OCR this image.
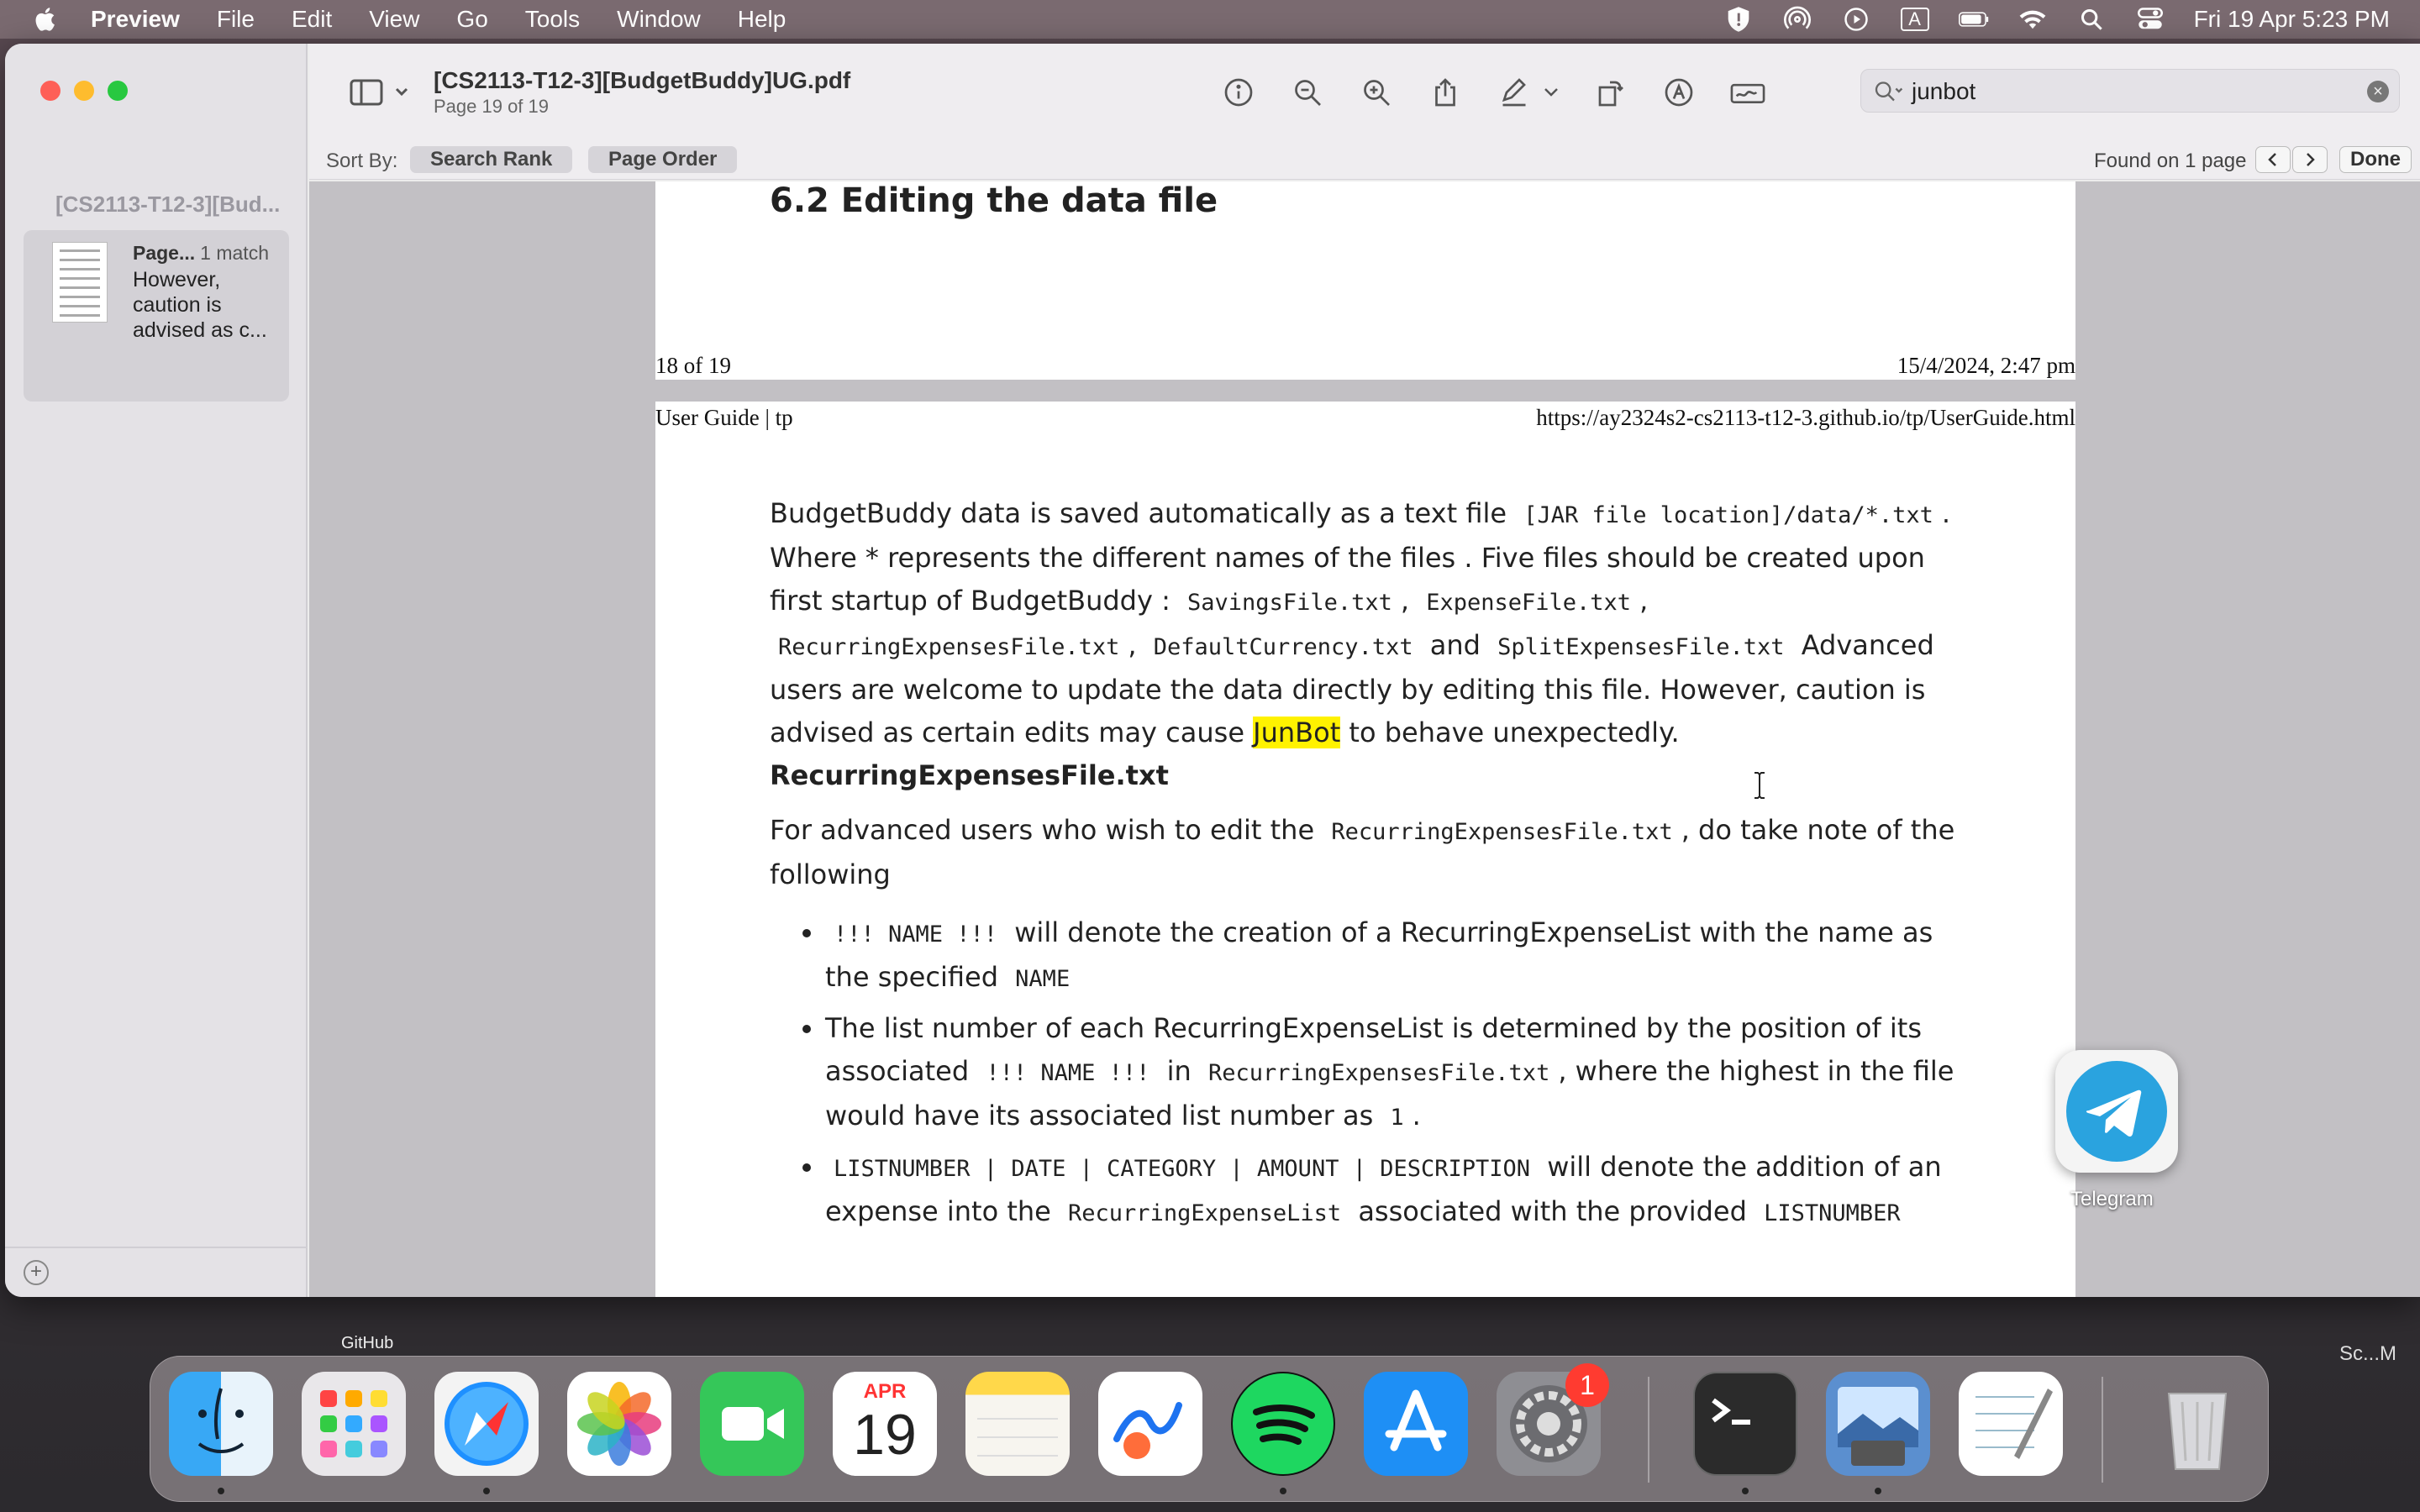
Preview File Edit View Go Tools Window Help	A	Fri 19 Apr 5:23 PM
[CS2113-T12-3][Bud...
Page... 1 match
However, caution is advised as c...
+
[CS2113-T12-3][BudgetBuddy]UG.pdf
Page 19 of 19
junbot	×
Sort By:	Search Rank	Page Order	Found on 1 page	Done
6.2 Editing the data file
18 of 19	15/4/2024, 2:47 pm
User Guide | tp	https://ay2324s2-cs2113-t12-3.github.io/tp/UserGuide.html

BudgetBuddy data is saved automatically as a text file [JAR file location]/data/*.txt . Where * represents the different names of the files . Five files should be created upon first startup of BudgetBuddy : SavingsFile.txt , ExpenseFile.txt , RecurringExpensesFile.txt , DefaultCurrency.txt and SplitExpensesFile.txt Advanced users are welcome to update the data directly by editing this file. However, caution is advised as certain edits may cause JunBot to behave unexpectedly.

RecurringExpensesFile.txt

For advanced users who wish to edit the RecurringExpensesFile.txt , do take note of the following

• !!! NAME !!! will denote the creation of a RecurringExpenseList with the name as the specified NAME
• The list number of each RecurringExpenseList is determined by the position of its associated !!! NAME !!! in RecurringExpensesFile.txt , where the highest in the file would have its associated list number as 1 .
• LISTNUMBER | DATE | CATEGORY | AMOUNT | DESCRIPTION will denote the addition of an expense into the RecurringExpenseList associated with the provided LISTNUMBER
Telegram
GitHub	Sc...M
APR
19
1
